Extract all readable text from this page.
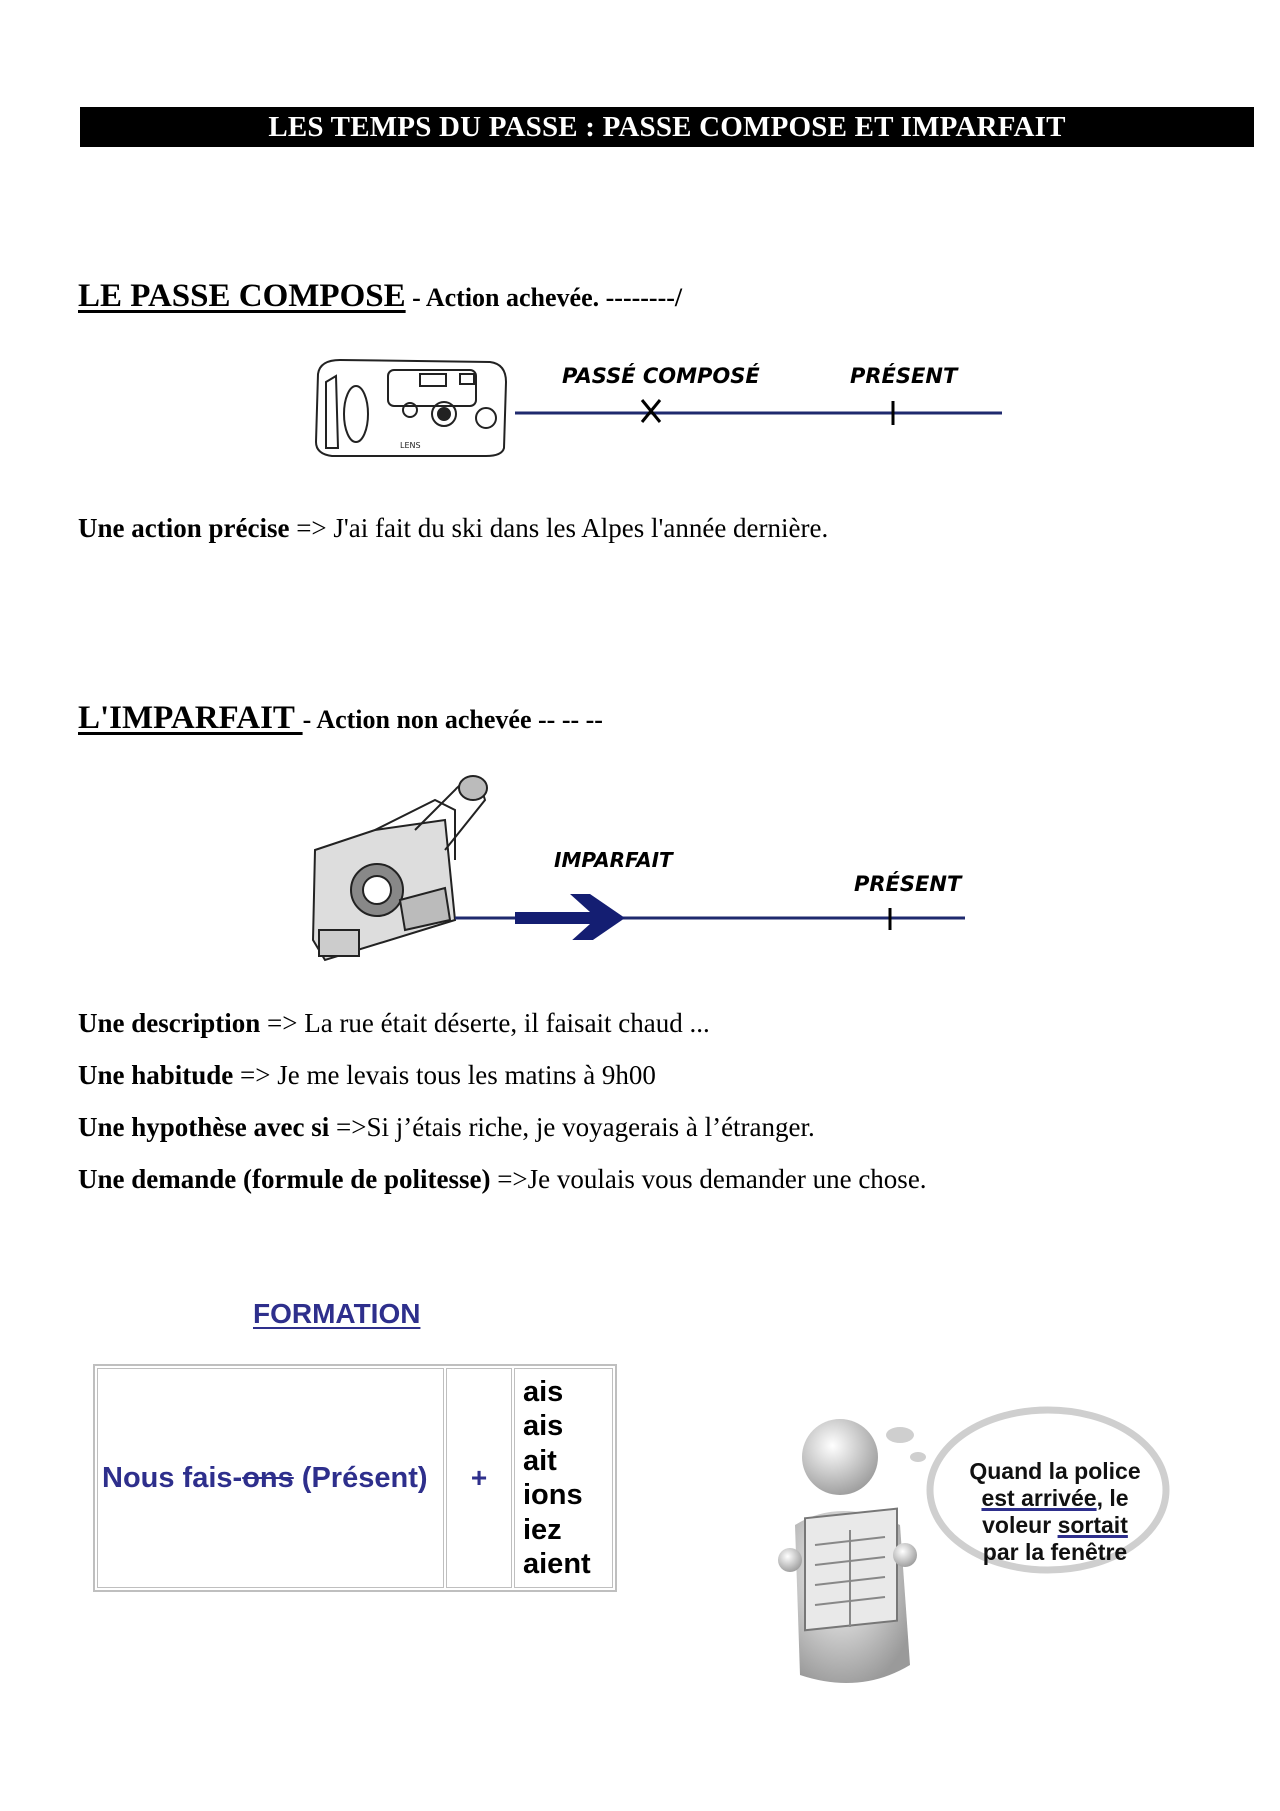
LES TEMPS DU PASSE : PASSE COMPOSE ET IMPARFAIT
LE PASSE COMPOSE - Action achevée. --------/
LENS
PASSÉ COMPOSÉ	PRÉSENT
Une action précise => J'ai fait du ski dans les Alpes l'année dernière.
L'IMPARFAIT - Action non achevée -- -- --
IMPARFAIT
PRÉSENT
Une description => La rue était déserte, il faisait chaud ...
Une habitude => Je me levais tous les matins à 9h00
Une hypothèse avec si =>Si j’étais riche, je voyagerais à l’étranger.
Une demande (formule de politesse) =>Je voulais vous demander une chose.
FORMATION
Nous fais-ons (Présent)	+	
ais
ais
ait
ions
iez
aient
Quand la police
est arrivée, le
voleur sortait
par la fenêtre
